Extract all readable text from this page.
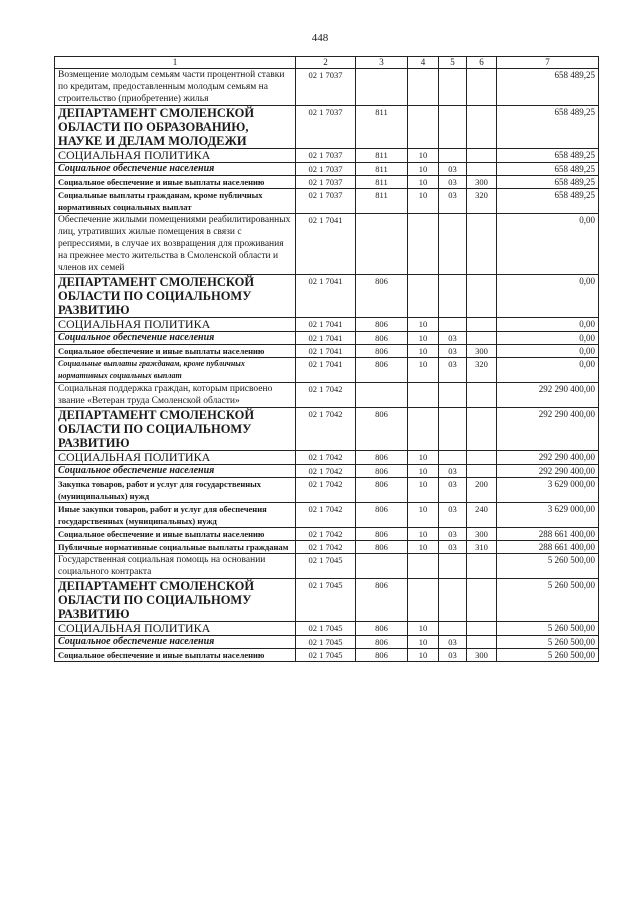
448
1	2	3	4	5	6	7
Возмещение молодым семьям части процентной ставки по кредитам, предоставленным молодым семьям на строительство (приобретение) жилья	02 1 7037					658 489,25
ДЕПАРТАМЕНТ СМОЛЕНСКОЙ ОБЛАСТИ ПО ОБРАЗОВАНИЮ, НАУКЕ И ДЕЛАМ МОЛОДЕЖИ	02 1 7037	811				658 489,25
СОЦИАЛЬНАЯ ПОЛИТИКА	02 1 7037	811	10			658 489,25
Социальное обеспечение населения	02 1 7037	811	10	03		658 489,25
Социальное обеспечение и иные выплаты населению	02 1 7037	811	10	03	300	658 489,25
Социальные выплаты гражданам, кроме публичных нормативных социальных выплат	02 1 7037	811	10	03	320	658 489,25
Обеспечение жилыми помещениями реабилитированных лиц, утративших жилые помещения в связи с репрессиями, в случае их возвращения для проживания на прежнее место жительства в Смоленской области и членов их семей	02 1 7041					0,00
ДЕПАРТАМЕНТ СМОЛЕНСКОЙ ОБЛАСТИ ПО СОЦИАЛЬНОМУ РАЗВИТИЮ	02 1 7041	806				0,00
СОЦИАЛЬНАЯ ПОЛИТИКА	02 1 7041	806	10			0,00
Социальное обеспечение населения	02 1 7041	806	10	03		0,00
Социальное обеспечение и иные выплаты населению	02 1 7041	806	10	03	300	0,00
Социальные выплаты гражданам, кроме публичных нормативных социальных выплат	02 1 7041	806	10	03	320	0,00
Социальная поддержка граждан, которым присвоено звание «Ветеран труда Смоленской области»	02 1 7042					292 290 400,00
ДЕПАРТАМЕНТ СМОЛЕНСКОЙ ОБЛАСТИ ПО СОЦИАЛЬНОМУ РАЗВИТИЮ	02 1 7042	806				292 290 400,00
СОЦИАЛЬНАЯ ПОЛИТИКА	02 1 7042	806	10			292 290 400,00
Социальное обеспечение населения	02 1 7042	806	10	03		292 290 400,00
Закупка товаров, работ и услуг для государственных (муниципальных) нужд	02 1 7042	806	10	03	200	3 629 000,00
Иные закупки товаров, работ и услуг для обеспечения государственных (муниципальных) нужд	02 1 7042	806	10	03	240	3 629 000,00
Социальное обеспечение и иные выплаты населению	02 1 7042	806	10	03	300	288 661 400,00
Публичные нормативные социальные выплаты гражданам	02 1 7042	806	10	03	310	288 661 400,00
Государственная социальная помощь на основании социального контракта	02 1 7045					5 260 500,00
ДЕПАРТАМЕНТ СМОЛЕНСКОЙ ОБЛАСТИ ПО СОЦИАЛЬНОМУ РАЗВИТИЮ	02 1 7045	806				5 260 500,00
СОЦИАЛЬНАЯ ПОЛИТИКА	02 1 7045	806	10			5 260 500,00
Социальное обеспечение населения	02 1 7045	806	10	03		5 260 500,00
Социальное обеспечение и иные выплаты населению	02 1 7045	806	10	03	300	5 260 500,00
